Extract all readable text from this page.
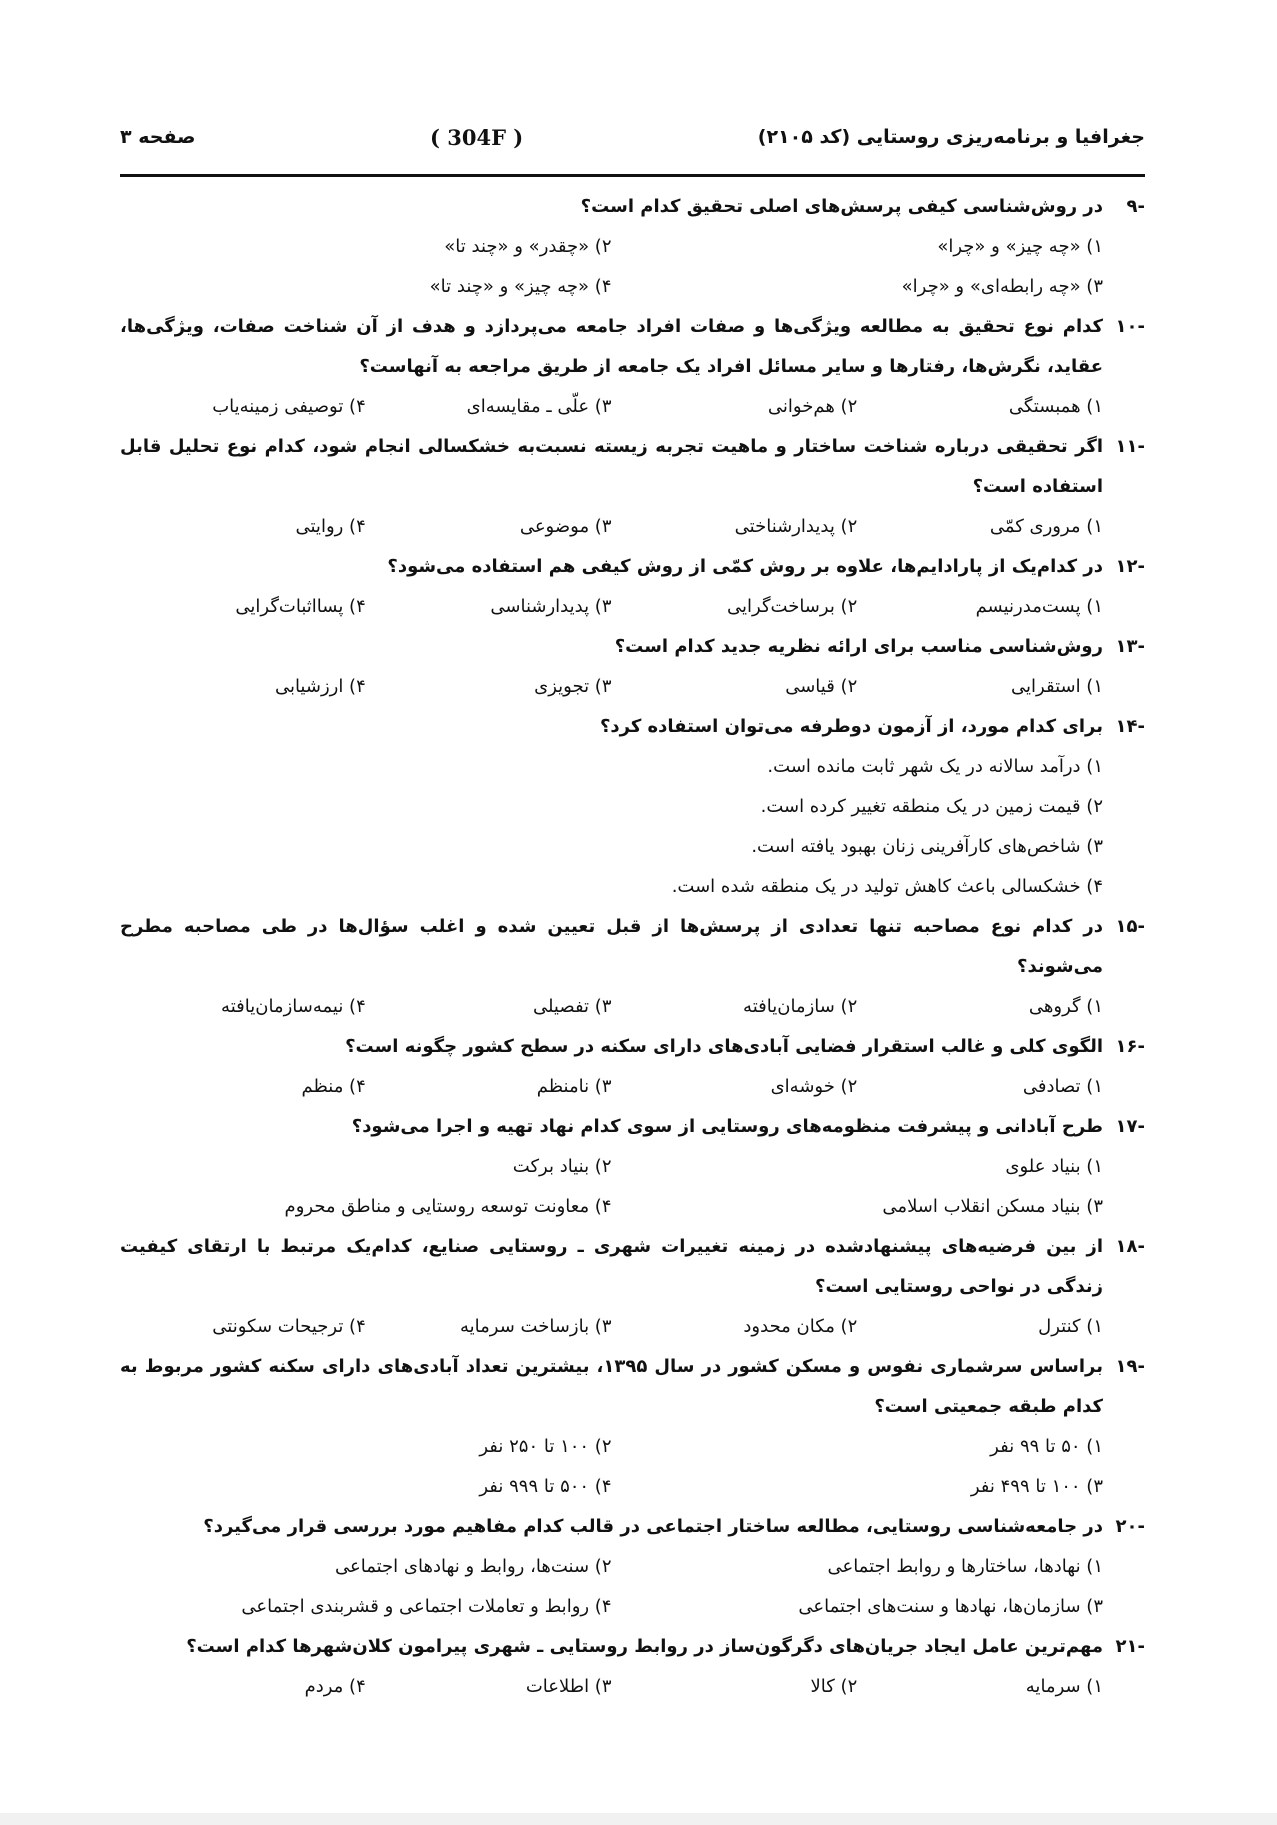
جغرافیا و برنامه‌ریزی روستایی (کد ۲۱۰۵)
( 304F )
صفحه ۳
-۹
در روش‌شناسی کیفی پرسش‌های اصلی تحقیق کدام است؟
۱) «چه چیز» و «چرا»
۲) «چقدر» و «چند تا»
۳) «چه رابطه‌ای» و «چرا»
۴) «چه چیز» و «چند تا»
-۱۰
کدام نوع تحقیق به مطالعه ویژگی‌ها و صفات افراد جامعه می‌پردازد و هدف از آن شناخت صفات، ویژگی‌ها، عقاید، نگرش‌ها، رفتارها و سایر مسائل افراد یک جامعه از طریق مراجعه به آنهاست؟
۱) همبستگی
۲) هم‌خوانی
۳) علّی ـ مقایسه‌ای
۴) توصیفی زمینه‌یاب
-۱۱
اگر تحقیقی درباره شناخت ساختار و ماهیت تجربه زیسته نسبت‌به خشکسالی انجام شود، کدام نوع تحلیل قابل استفاده است؟
۱) مروری کمّی
۲) پدیدارشناختی
۳) موضوعی
۴) روایتی
-۱۲
در کدام‌یک از پارادایم‌ها، علاوه بر روش کمّی از روش کیفی هم استفاده می‌شود؟
۱) پست‌مدرنیسم
۲) برساخت‌گرایی
۳) پدیدارشناسی
۴) پسااثبات‌گرایی
-۱۳
روش‌شناسی مناسب برای ارائه نظریه جدید کدام است؟
۱) استقرایی
۲) قیاسی
۳) تجویزی
۴) ارزشیابی
-۱۴
برای کدام مورد، از آزمون دوطرفه می‌توان استفاده کرد؟
۱) درآمد سالانه در یک شهر ثابت مانده است.
۲) قیمت زمین در یک منطقه تغییر کرده است.
۳) شاخص‌های کارآفرینی زنان بهبود یافته است.
۴) خشکسالی باعث کاهش تولید در یک منطقه شده است.
-۱۵
در کدام نوع مصاحبه تنها تعدادی از پرسش‌ها از قبل تعیین شده و اغلب سؤال‌ها در طی مصاحبه مطرح می‌شوند؟
۱) گروهی
۲) سازمان‌یافته
۳) تفصیلی
۴) نیمه‌سازمان‌یافته
-۱۶
الگوی کلی و غالب استقرار فضایی آبادی‌های دارای سکنه در سطح کشور چگونه است؟
۱) تصادفی
۲) خوشه‌ای
۳) نامنظم
۴) منظم
-۱۷
طرح آبادانی و پیشرفت منظومه‌های روستایی از سوی کدام نهاد تهیه و اجرا می‌شود؟
۱) بنیاد علوی
۲) بنیاد برکت
۳) بنیاد مسکن انقلاب اسلامی
۴) معاونت توسعه روستایی و مناطق محروم
-۱۸
از بین فرضیه‌های پیشنهادشده در زمینه تغییرات شهری ـ روستایی صنایع، کدام‌یک مرتبط با ارتقای کیفیت زندگی در نواحی روستایی است؟
۱) کنترل
۲) مکان محدود
۳) بازساخت سرمایه
۴) ترجیحات سکونتی
-۱۹
براساس سرشماری نفوس و مسکن کشور در سال ۱۳۹۵، بیشترین تعداد آبادی‌های دارای سکنه کشور مربوط به کدام طبقه جمعیتی است؟
۱) ۵۰ تا ۹۹ نفر
۲) ۱۰۰ تا ۲۵۰ نفر
۳) ۱۰۰ تا ۴۹۹ نفر
۴) ۵۰۰ تا ۹۹۹ نفر
-۲۰
در جامعه‌شناسی روستایی، مطالعه ساختار اجتماعی در قالب کدام مفاهیم مورد بررسی قرار می‌گیرد؟
۱) نهادها، ساختارها و روابط اجتماعی
۲) سنت‌ها، روابط و نهادهای اجتماعی
۳) سازمان‌ها، نهادها و سنت‌های اجتماعی
۴) روابط و تعاملات اجتماعی و قشربندی اجتماعی
-۲۱
مهم‌ترین عامل ایجاد جریان‌های دگرگون‌ساز در روابط روستایی ـ شهری پیرامون کلان‌شهرها کدام است؟
۱) سرمایه
۲) کالا
۳) اطلاعات
۴) مردم
